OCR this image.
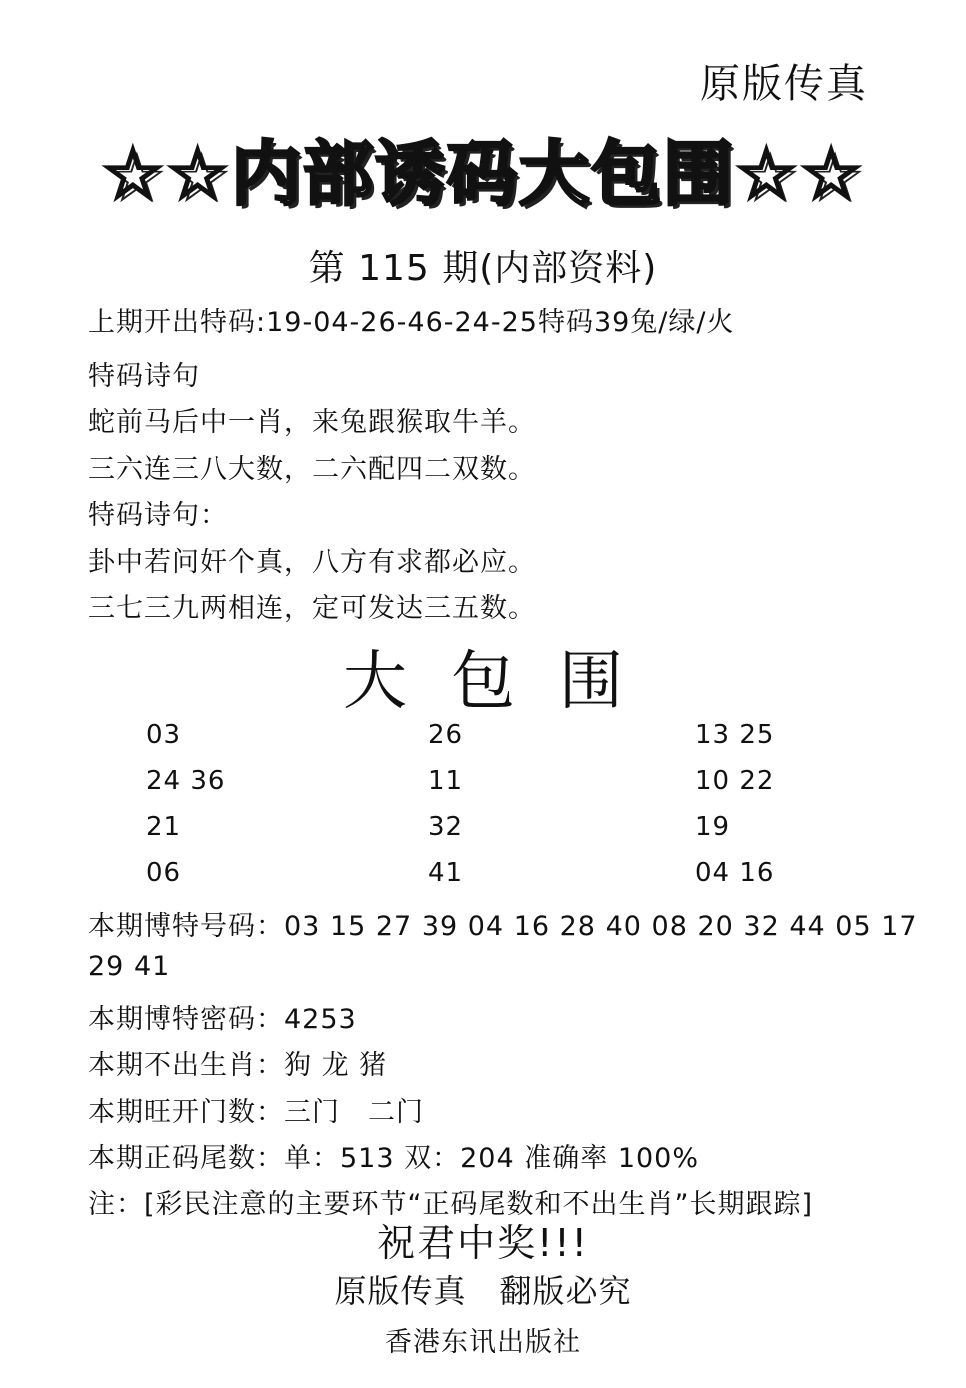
原版传真
☆☆内部诱码大包围☆☆
第 115 期(内部资料)
上期开出特码:19-04-26-46-24-25特码39兔/绿/火
特码诗句
蛇前马后中一肖，来兔跟猴取牛羊。
三六连三八大数，二六配四二双数。
特码诗句：
卦中若问奸个真，八方有求都必应。
三七三九两相连，定可发达三五数。
大包围
03
24 36
21
06
26
11
32
41
13 25
10 22
19
04 16
本期博特号码：03 15 27 39 04 16 28 40 08 20 32 44 05 17
29 41
本期博特密码：4253
本期不出生肖：狗 龙 猪
本期旺开门数：三门　二门
本期正码尾数：单：513 双：204 准确率 100%
注：[彩民注意的主要环节“正码尾数和不出生肖”长期跟踪]
祝君中奖!!!
原版传真　翻版必究
香港东讯出版社
